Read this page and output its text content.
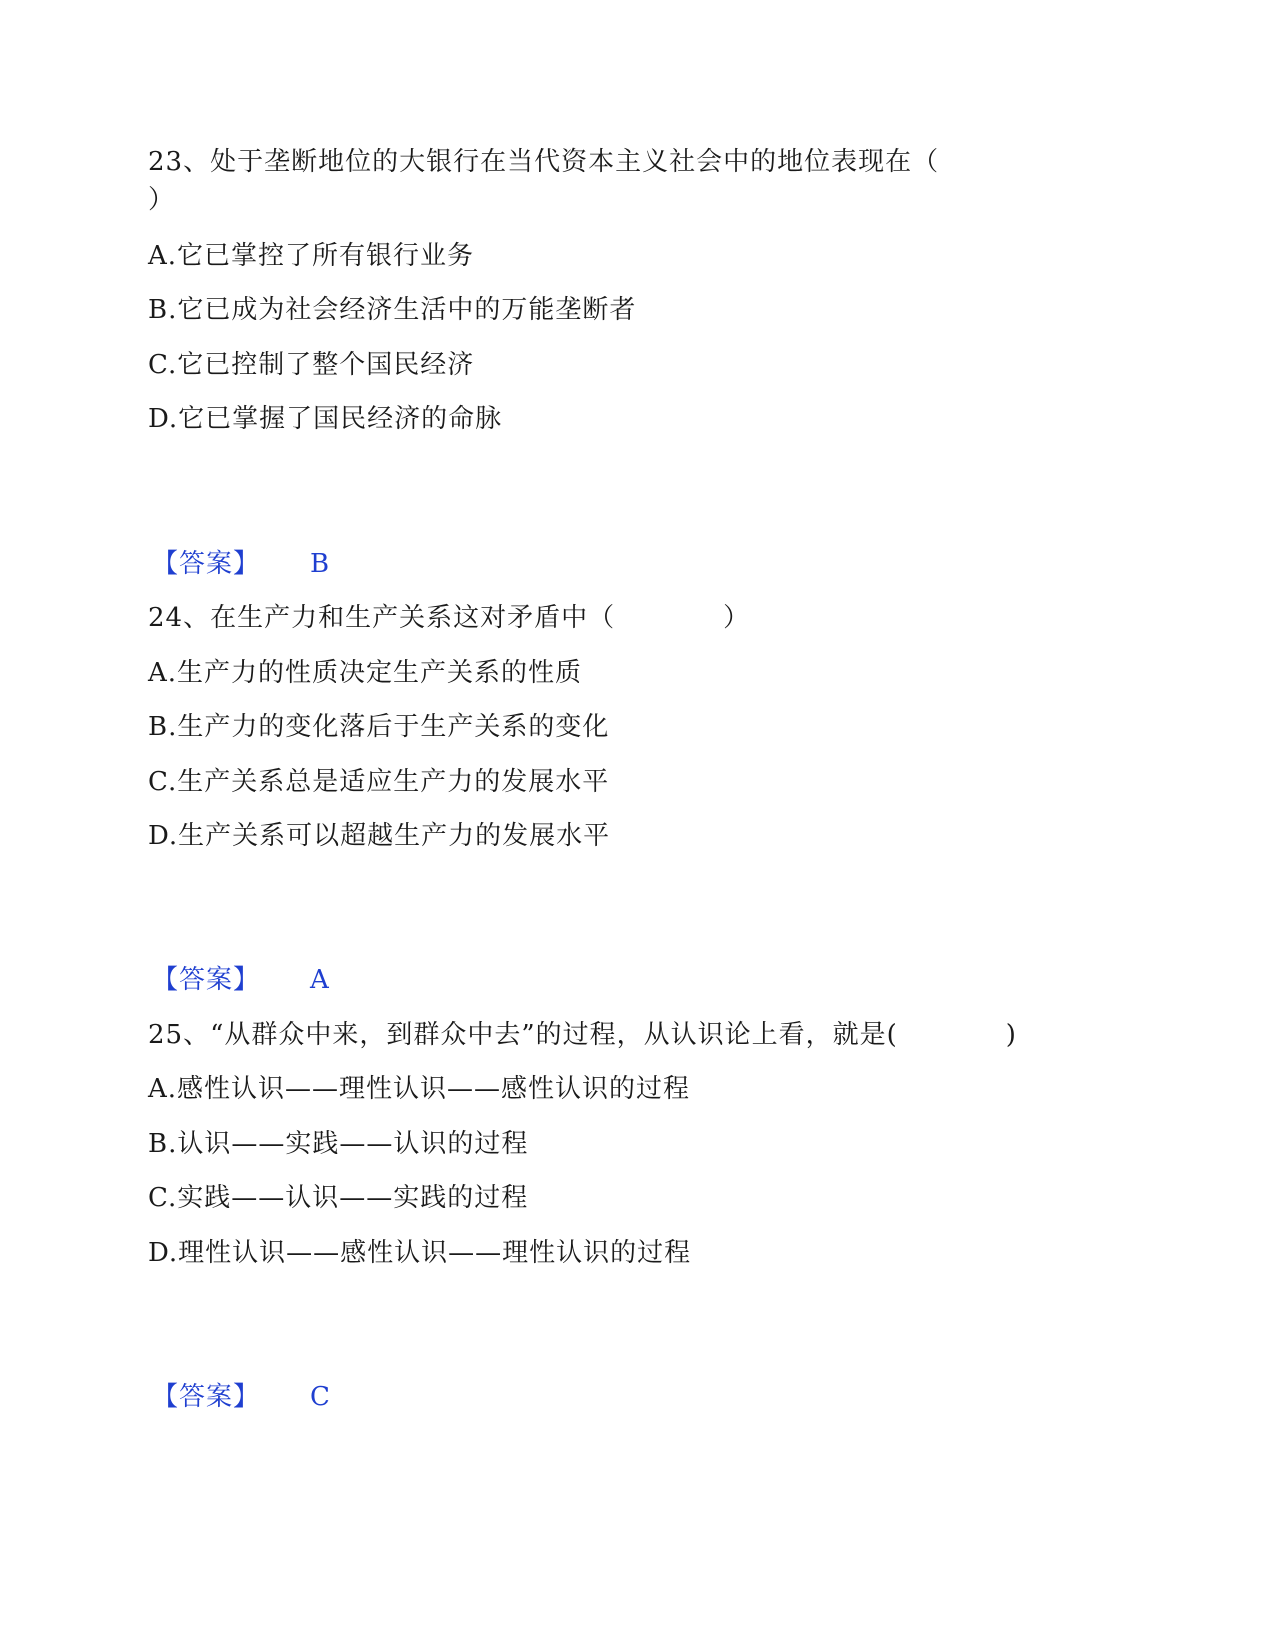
23、处于垄断地位的大银行在当代资本主义社会中的地位表现在（
）
A.它已掌控了所有银行业务
B.它已成为社会经济生活中的万能垄断者
C.它已控制了整个国民经济
D.它已掌握了国民经济的命脉
【答案】 B
24、在生产力和生产关系这对矛盾中（　　　　）
A.生产力的性质决定生产关系的性质
B.生产力的变化落后于生产关系的变化
C.生产关系总是适应生产力的发展水平
D.生产关系可以超越生产力的发展水平
【答案】 A
25、“从群众中来，到群众中去”的过程，从认识论上看，就是(　　　　)
A.感性认识——理性认识——感性认识的过程
B.认识——实践——认识的过程
C.实践——认识——实践的过程
D.理性认识——感性认识——理性认识的过程
【答案】 C
